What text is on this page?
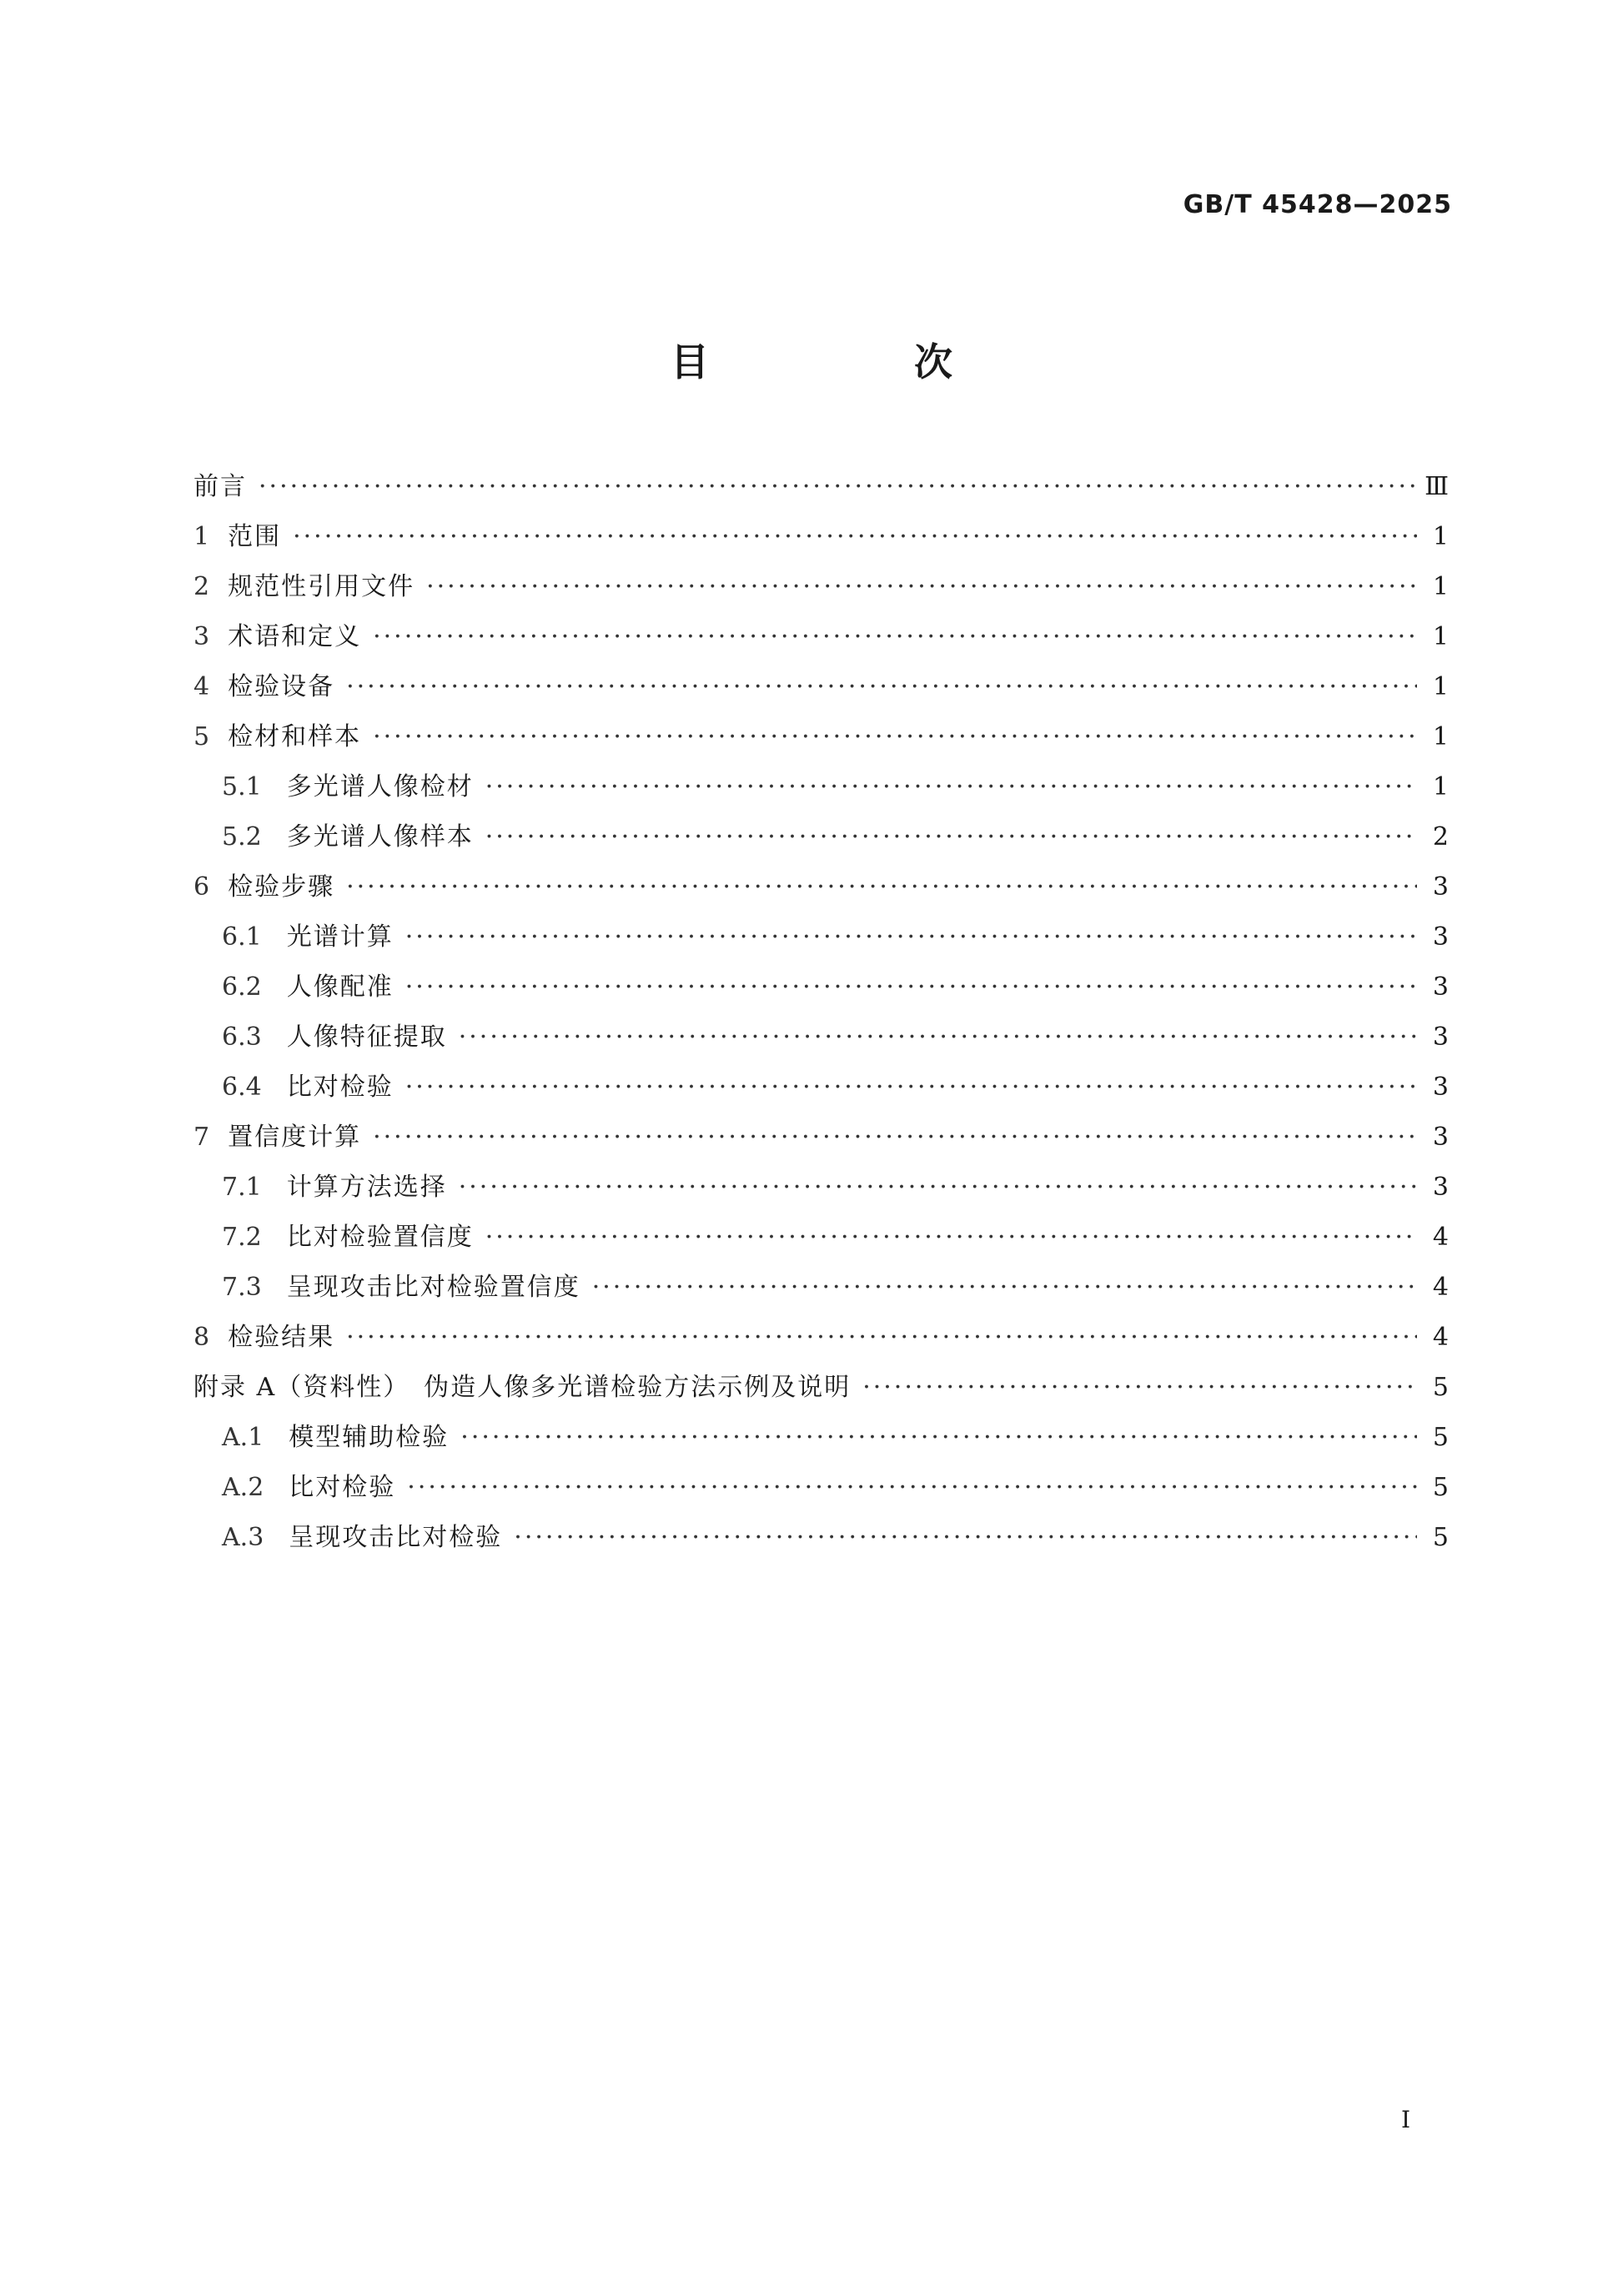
GB/T 45428—2025
目　次
前言 ·····	Ⅲ
1 范围 ·····	1
2 规范性引用文件 ·····	1
3 术语和定义 ·····	1
4 检验设备 ·····	1
5 检材和样本 ·····	1
5.1 多光谱人像检材 ·····	1
5.2 多光谱人像样本 ·····	2
6 检验步骤 ·····	3
6.1 光谱计算 ·····	3
6.2 人像配准 ·····	3
6.3 人像特征提取 ·····	3
6.4 比对检验 ·····	3
7 置信度计算 ·····	3
7.1 计算方法选择 ·····	3
7.2 比对检验置信度 ·····	4
7.3 呈现攻击比对检验置信度 ·····	4
8 检验结果 ·····	4
附录 A（资料性）　伪造人像多光谱检验方法示例及说明 ·····	5
A.1 模型辅助检验 ·····	5
A.2 比对检验 ·····	5
A.3 呈现攻击比对检验 ·····	5
I
